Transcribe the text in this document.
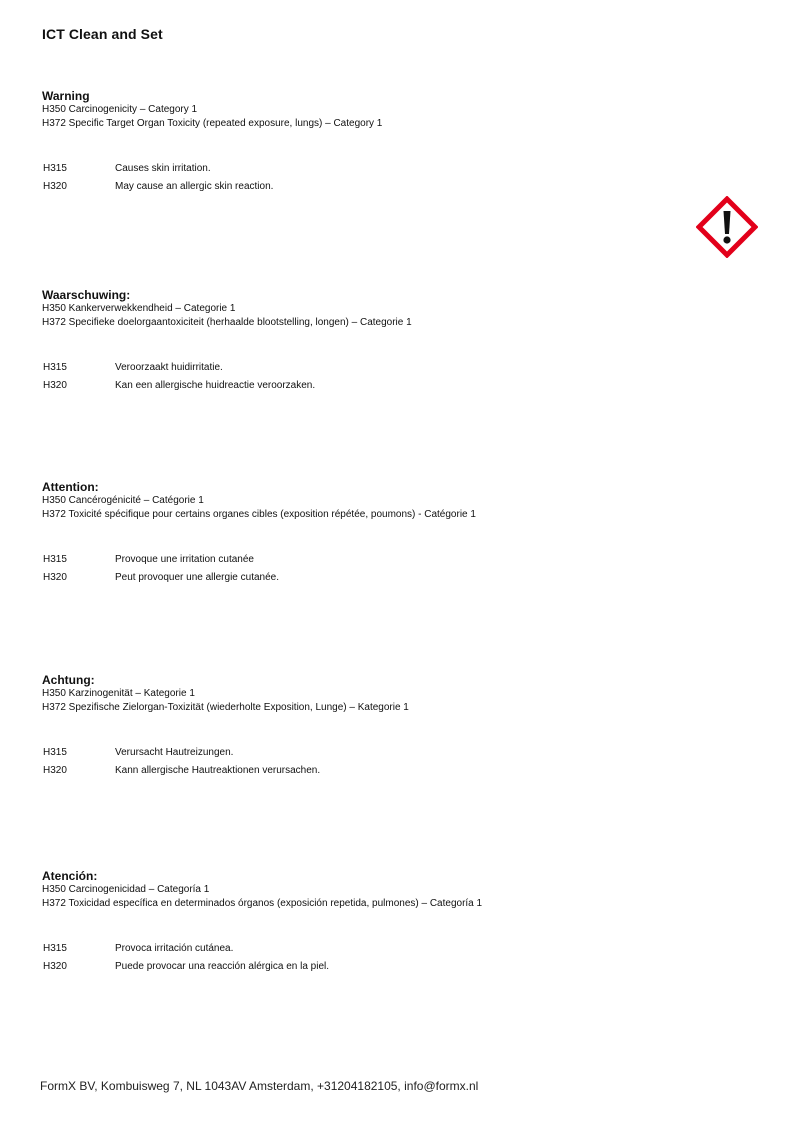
ICT Clean and Set
Warning
H350 Carcinogenicity – Category 1
H372 Specific Target Organ Toxicity (repeated exposure, lungs) – Category 1
H315	Causes skin irritation.
H320	May cause an allergic skin reaction.
Waarschuwing:
H350 Kankerverwekkendheid – Categorie 1
H372 Specifieke doelorgaantoxiciteit (herhaalde blootstelling, longen) – Categorie 1
H315	Veroorzaakt huidirritatie.
H320	Kan een allergische huidreactie veroorzaken.
Attention:
H350 Cancérogénicité – Catégorie 1
H372 Toxicité spécifique pour certains organes cibles (exposition répétée, poumons) - Catégorie 1
H315	Provoque une irritation cutanée
H320	Peut provoquer une allergie cutanée.
Achtung:
H350 Karzinogenität – Kategorie 1
H372 Spezifische Zielorgan-Toxizität (wiederholte Exposition, Lunge) – Kategorie 1
H315	Verursacht Hautreizungen.
H320	Kann allergische Hautreaktionen verursachen.
Atención:
H350 Carcinogenicidad – Categoría 1
H372 Toxicidad específica en determinados órganos (exposición repetida, pulmones) – Categoría 1
H315	Provoca irritación cutánea.
H320	Puede provocar una reacción alérgica en la piel.
FormX BV, Kombuisweg 7, NL 1043AV Amsterdam, +31204182105, info@formx.nl
